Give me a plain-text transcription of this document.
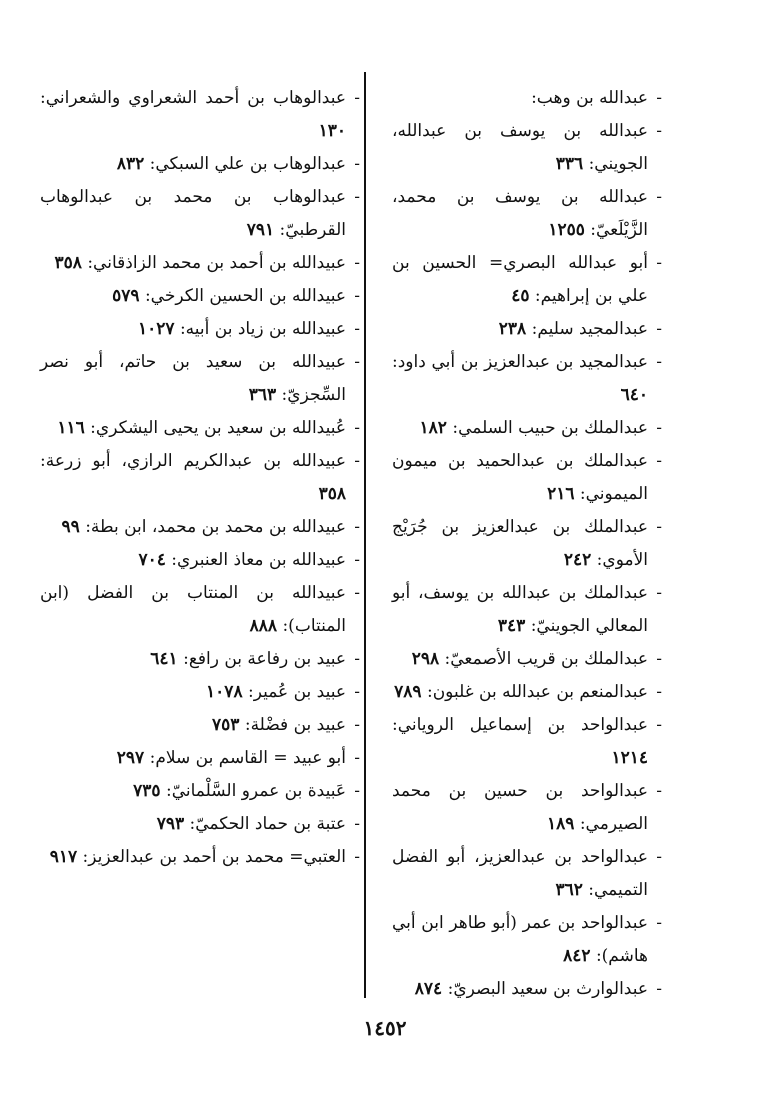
- عبدالله بن وهب:
- عبدالله بن يوسف بن عبدالله، الجويني: ٣٣٦
- عبدالله بن يوسف بن محمد، الزَّيْلَعيّ: ١٢٥٥
- أبو عبدالله البصري= الحسين بن علي بن إبراهيم: ٤٥
- عبدالمجيد سليم: ٢٣٨
- عبدالمجيد بن عبدالعزيز بن أبي داود: ٦٤٠
- عبدالملك بن حبيب السلمي: ١٨٢
- عبدالملك بن عبدالحميد بن ميمون الميموني: ٢١٦
- عبدالملك بن عبدالعزيز بن جُرَيْج الأموي: ٢٤٢
- عبدالملك بن عبدالله بن يوسف، أبو المعالي الجوينيّ: ٣٤٣
- عبدالملك بن قريب الأصمعيّ: ٢٩٨
- عبدالمنعم بن عبدالله بن غلبون: ٧٨٩
- عبدالواحد بن إسماعيل الروياني: ١٢١٤
- عبدالواحد بن حسين بن محمد الصيرمي: ١٨٩
- عبدالواحد بن عبدالعزيز، أبو الفضل التميمي: ٣٦٢
- عبدالواحد بن عمر (أبو طاهر ابن أبي هاشم): ٨٤٢
- عبدالوارث بن سعيد البصريّ: ٨٧٤
- عبدالوهاب بن أحمد الشعراوي والشعراني: ١٣٠
- عبدالوهاب بن علي السبكي: ٨٣٢
- عبدالوهاب بن محمد بن عبدالوهاب القرطبيّ: ٧٩١
- عبيدالله بن أحمد بن محمد الزاذقاني: ٣٥٨
- عبيدالله بن الحسين الكرخي: ٥٧٩
- عبيدالله بن زياد بن أبيه: ١٠٢٧
- عبيدالله بن سعيد بن حاتم، أبو نصر السِّجزيّ: ٣٦٣
- عُبيدالله بن سعيد بن يحيى اليشكري: ١١٦
- عبيدالله بن عبدالكريم الرازي، أبو زرعة: ٣٥٨
- عبيدالله بن محمد بن محمد، ابن بطة: ٩٩
- عبيدالله بن معاذ العنبري: ٧٠٤
- عبيدالله بن المنتاب بن الفضل (ابن المنتاب): ٨٨٨
- عبيد بن رفاعة بن رافع: ٦٤١
- عبيد بن عُمير: ١٠٧٨
- عبيد بن فضْلة: ٧٥٣
- أبو عبيد = القاسم بن سلام: ٢٩٧
- عَبيدة بن عمرو السَّلْمانيّ: ٧٣٥
- عتبة بن حماد الحكميّ: ٧٩٣
- العتبي= محمد بن أحمد بن عبدالعزيز: ٩١٧
١٤٥٢
